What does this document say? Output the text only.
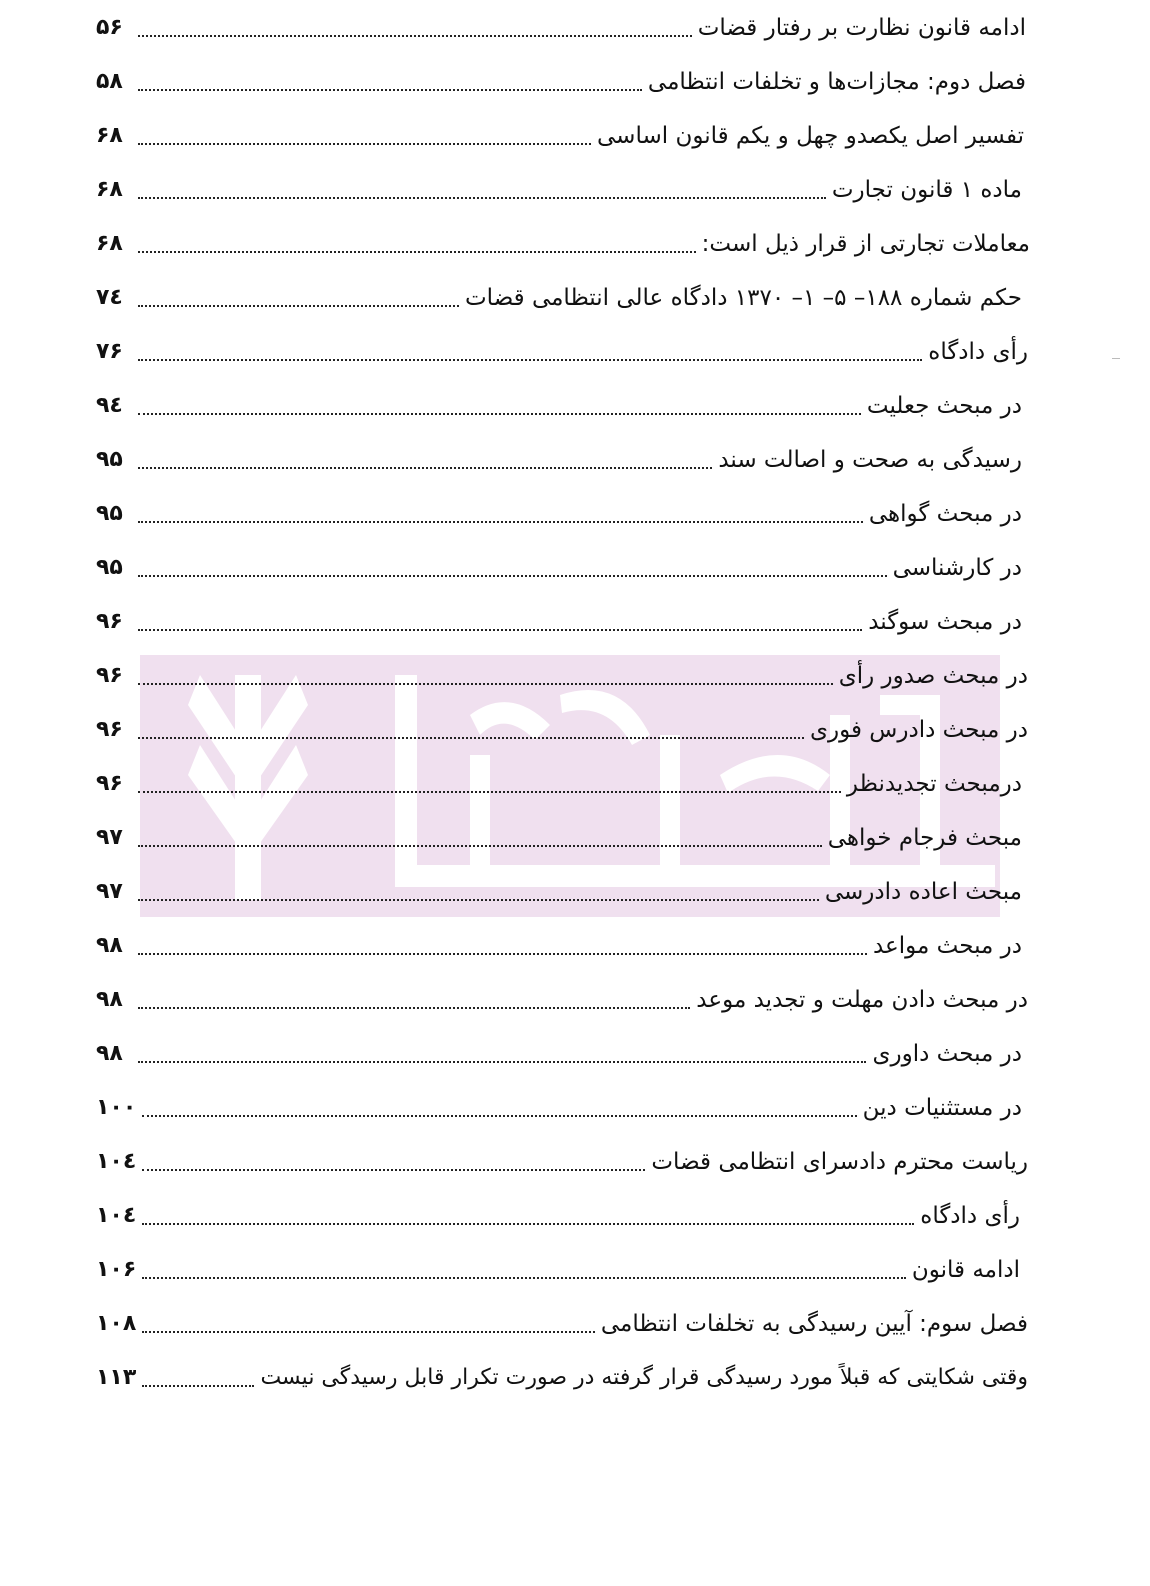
ادامه قانون نظارت بر رفتار قضات
۵۶
فصل دوم: مجازات‌ها و تخلفات انتظامی
۵۸
تفسیر اصل یکصدو چهل و یکم قانون اساسی
۶۸
ماده ۱ قانون تجارت
۶۸
معاملات تجارتی از قرار ذیل است:
۶۸
حکم شماره ۱۸۸– ۵– ۱– ۱۳۷۰ دادگاه عالی انتظامی قضات
۷٤
رأی دادگاه
۷۶
در مبحث جعلیت
۹٤
رسیدگی به صحت و اصالت سند
۹۵
در مبحث گواهی
۹۵
در کارشناسی
۹۵
در مبحث سوگند
۹۶
در مبحث صدور رأی
۹۶
در مبحث دادرس فوری
۹۶
درمبحث تجدیدنظر
۹۶
مبحث فرجام خواهی
۹۷
مبحث اعاده دادرسی
۹۷
در مبحث مواعد
۹۸
در مبحث دادن مهلت و تجدید موعد
۹۸
در مبحث داوری
۹۸
در مستثنیات دین
۱۰۰
ریاست محترم دادسرای انتظامی قضات
۱۰٤
رأی دادگاه
۱۰٤
ادامه قانون
۱۰۶
فصل سوم: آیین رسیدگی به تخلفات انتظامی
۱۰۸
وقتی شکایتی که قبلاً مورد رسیدگی قرار گرفته در صورت تکرار قابل رسیدگی نیست
۱۱۳
